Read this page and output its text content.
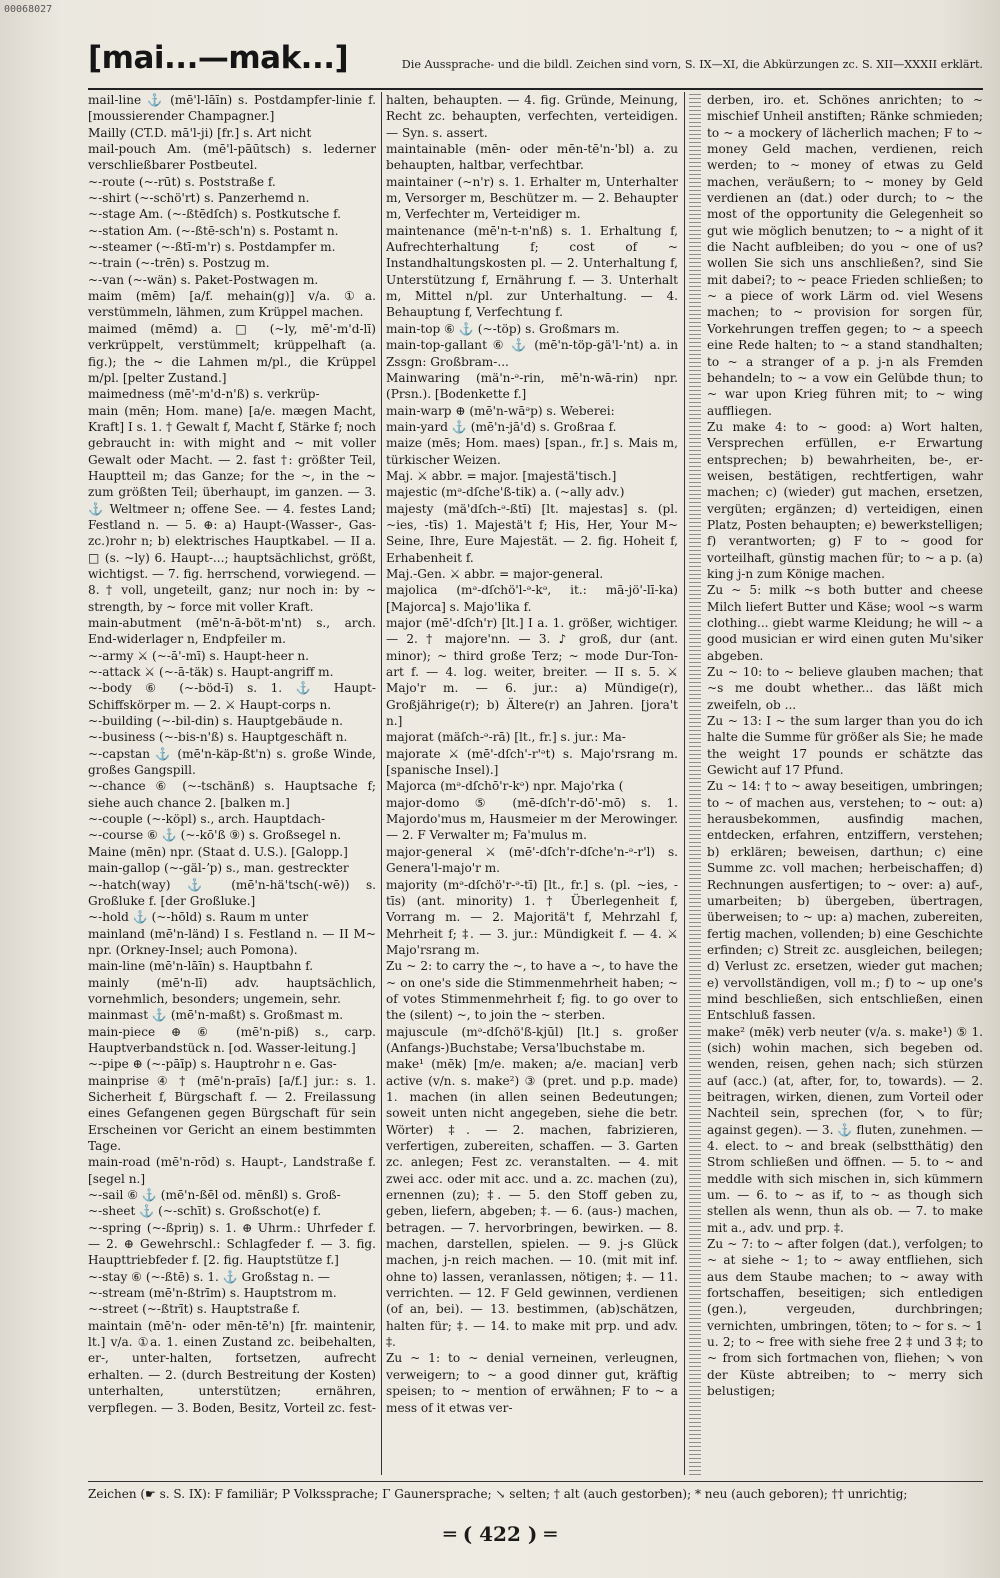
00068027
[mai...—mak...]	Die Aussprache- und die bildl. Zeichen sind vorn, S. IX—XI, die Abkürzungen zc. S. XII—XXXII erklärt.

mail-line ⚓ (mē'l-lāīn) s. Postdampfer-linie f. [moussierender Champagner.]

Mailly (CT.D. mā'l-ji) [fr.] s. Art nicht

mail-pouch Am. (mē'l-pāūtsch) s. lederner verschließbarer Postbeutel.

~-route (~-rūt) s. Poststraße f.

~-shirt (~-schö'rt) s. Panzerhemd n.

~-stage Am. (~-ßtēdſch) s. Postkutsche f.

~-station Am. (~-ßtē-sch'n) s. Postamt n.

~-steamer (~-ßtī-m'r) s. Postdampfer m.

~-train (~-trēn) s. Postzug m.

~-van (~-wän) s. Paket-Postwagen m.

maim (mēm) [a/f. mehain(g)] v/a. ①a. verstümmeln, lähmen, zum Krüppel machen.

maimed (mēmd) a. □ (~ly, mē'-m'd-lī) verkrüppelt, verstümmelt; krüppelhaft (a. fig.); the ~ die Lahmen m/pl., die Krüppel m/pl. [pelter Zustand.]

maimedness (mē'-m'd-n'ß) s. verkrüp-

main (mēn; Hom. mane) [a/e. mægen Macht, Kraft] I s. 1. † Gewalt f, Macht f, Stärke f; noch gebraucht in: with might and ~ mit voller Gewalt oder Macht. — 2. fast †: größter Teil, Hauptteil m; das Ganze; for the ~, in the ~ zum größten Teil; überhaupt, im ganzen. — 3. ⚓ Weltmeer n; offene See. — 4. festes Land; Festland n. — 5. ⊕: a) Haupt-(Wasser-, Gas- zc.)rohr n; b) elektrisches Hauptkabel. — II a. □ (s. ~ly) 6. Haupt-...; hauptsächlichst, größt, wichtigst. — 7. fig. herrschend, vorwiegend. — 8. † voll, ungeteilt, ganz; nur noch in: by ~ strength, by ~ force mit voller Kraft.

main-abutment (mē'n-ā-böt-m'nt) s., arch. End-widerlager n, Endpfeiler m.

~-army ⚔ (~-ā'-mī) s. Haupt-heer n.

~-attack ⚔ (~-ā-täk) s. Haupt-angriff m.

~-body ⑥ (~-böd-ī) s. 1. ⚓ Haupt-Schiffskörper m. — 2. ⚔ Haupt-corps n.

~-building (~-bil-din) s. Hauptgebäude n.

~-business (~-bis-n'ß) s. Hauptgeschäft n.

~-capstan ⚓ (mē'n-käp-ßt'n) s. große Winde, großes Gangspill.

~-chance ⑥ (~-tschänß) s. Hauptsache f; siehe auch chance 2. [balken m.]

~-couple (~-köpl) s., arch. Hauptdach-

~-course ⑥ ⚓ (~-kō'ß ⑨) s. Großsegel n.

Maine (mēn) npr. (Staat d. U.S.). [Galopp.]

main-gallop (~-gäl-ʼp) s., man. gestreckter

~-hatch(way) ⚓ (mē'n-hä'tsch(-wē)) s. Großluke f. [der Großluke.]

~-hold ⚓ (~-hōld) s. Raum m unter

mainland (mē'n-länd) I s. Festland n. — II M~ npr. (Orkney-Insel; auch Pomona).

main-line (mē'n-lāīn) s. Hauptbahn f.

mainly (mē'n-lī) adv. hauptsächlich, vornehmlich, besonders; ungemein, sehr.

mainmast ⚓ (mē'n-maßt) s. Großmast m.

main-piece ⊕ ⑥ (mē'n-piß) s., carp. Hauptverbandstück n. [od. Wasser-leitung.]

~-pipe ⊕ (~-pāīp) s. Hauptrohr n e. Gas-

mainprise ④ † (mē'n-praīs) [a/f.] jur.: s. 1. Sicherheit f, Bürgschaft f. — 2. Freilassung eines Gefangenen gegen Bürgschaft für sein Erscheinen vor Gericht an einem bestimmten Tage.

main-road (mē'n-rōd) s. Haupt-, Landstraße f. [segel n.]

~-sail ⑥ ⚓ (mē'n-ßēl od. mēnßl) s. Groß-

~-sheet ⚓ (~-schīt) s. Großschot(e) f.

~-spring (~-ßpriŋ) s. 1. ⊕ Uhrm.: Uhrfeder f. — 2. ⊕ Gewehrschl.: Schlagfeder f. — 3. fig. Haupttriebfeder f. [2. fig. Hauptstütze f.]

~-stay ⑥ (~-ßtē) s. 1. ⚓ Großstag n. —

~-stream (mē'n-ßtrīm) s. Hauptstrom m.

~-street (~-ßtrīt) s. Hauptstraße f.

maintain (mē'n- oder mēn-tē'n) [fr. maintenir, lt.] v/a. ①a. 1. einen Zustand zc. beibehalten, er-, unter-halten, fortsetzen, aufrecht erhalten. — 2. (durch Bestreitung der Kosten) unterhalten, unterstützen; ernähren, verpflegen. — 3. Boden, Besitz, Vorteil zc. fest-

halten, behaupten. — 4. fig. Gründe, Meinung, Recht zc. behaupten, verfechten, verteidigen. — Syn. s. assert.

maintainable (mēn- oder mēn-tē'n-'bl) a. zu behaupten, haltbar, verfechtbar.

maintainer (~n'r) s. 1. Erhalter m, Unterhalter m, Versorger m, Beschützer m. — 2. Behaupter m, Verfechter m, Verteidiger m.

maintenance (mē'n-t-n'nß) s. 1. Erhaltung f, Aufrechterhaltung f; cost of ~ Instandhaltungskosten pl. — 2. Unterhaltung f, Unterstützung f, Ernährung f. — 3. Unterhalt m, Mittel n/pl. zur Unterhaltung. — 4. Behauptung f, Verfechtung f.

main-top ⑥ ⚓ (~-töp) s. Großmars m.

main-top-gallant ⑥ ⚓ (mē'n-töp-gä'l-'nt) a. in Zssgn: Großbram-...

Mainwaring (mä'n-ᵊ-rin, mē'n-wā-rin) npr. (Prsn.). [Bodenkette f.]

main-warp ⊕ (mē'n-wāᵊp) s. Weberei:

main-yard ⚓ (mē'n-jā'd) s. Großraa f.

maize (mēs; Hom. maes) [span., fr.] s. Mais m, türkischer Weizen.

Maj. ⚔ abbr. = major. [majestä'tisch.]

majestic (mᵊ-dſche'ß-tik) a. (~ally adv.)

majesty (mä'dſch-ᵊ-ßtī) [lt. majestas] s. (pl. ~ies, -tīs) 1. Majestä't f; His, Her, Your M~ Seine, Ihre, Eure Majestät. — 2. fig. Hoheit f, Erhabenheit f.

Maj.-Gen. ⚔ abbr. = major-general.

majolica (mᵊ-dſchö'l-ᵊ-kᵊ, it.: mā-jö'-lī-ka) [Majorca] s. Majo'lika f.

major (mē'-dſch'r) [lt.] I a. 1. größer, wichtiger. — 2. † majore'nn. — 3. ♪ groß, dur (ant. minor); ~ third große Terz; ~ mode Dur-Ton-art f. — 4. log. weiter, breiter. — II s. 5. ⚔ Majo'r m. — 6. jur.: a) Mündige(r), Großjährige(r); b) Ältere(r) an Jahren. [jora't n.]

majorat (mäſch-ᵊ-rā) [lt., fr.] s. jur.: Ma-

majorate ⚔ (mē'-dſch'-r'ᵊt) s. Majo'rsrang m. [spanische Insel).]

Majorca (mᵊ-dſchō'r-kᵊ) npr. Majo'rka (

major-domo ⑤ (mē-dſch'r-dō'-mō) s. 1. Majordo'mus m, Hausmeier m der Merowinger. — 2. F Verwalter m; Fa'mulus m.

major-general ⚔ (mē'-dſch'r-dſche'n-ᵊ-r'l) s. Genera'l-majo'r m.

majority (mᵊ-dſchö'r-ᵊ-tī) [lt., fr.] s. (pl. ~ies, -tīs) (ant. minority) 1. † Überlegenheit f, Vorrang m. — 2. Majoritä't f, Mehrzahl f, Mehrheit f; ‡. — 3. jur.: Mündigkeit f. — 4. ⚔ Majo'rsrang m.

Zu ~ 2: to carry the ~, to have a ~, to have the ~ on one's side die Stimmenmehrheit haben; ~ of votes Stimmenmehrheit f; fig. to go over to the (silent) ~, to join the ~ sterben.

majuscule (mᵊ-dſchö'ß-kjūl) [lt.] s. großer (Anfangs-)Buchstabe; Versa'lbuchstabe m.

make¹ (mēk) [m/e. maken; a/e. macian] verb active (v/n. s. make²) ③ (pret. und p.p. made) 1. machen (in allen seinen Bedeutungen; soweit unten nicht angegeben, siehe die betr. Wörter) ‡. — 2. machen, fabrizieren, verfertigen, zubereiten, schaffen. — 3. Garten zc. anlegen; Fest zc. veranstalten. — 4. mit zwei acc. oder mit acc. und a. zc. machen (zu), ernennen (zu); ‡. — 5. den Stoff geben zu, geben, liefern, abgeben; ‡. — 6. (aus-) machen, betragen. — 7. hervorbringen, bewirken. — 8. machen, darstellen, spielen. — 9. j-s Glück machen, j-n reich machen. — 10. (mit mit inf. ohne to) lassen, veranlassen, nötigen; ‡. — 11. verrichten. — 12. F Geld gewinnen, verdienen (of an, bei). — 13. bestimmen, (ab)schätzen, halten für; ‡. — 14. to make mit prp. und adv. ‡.

Zu ~ 1: to ~ denial verneinen, verleugnen, verweigern; to ~ a good dinner gut, kräftig speisen; to ~ mention of erwähnen; F to ~ a mess of it etwas ver-

derben, iro. et. Schönes anrichten; to ~ mischief Unheil anstiften; Ränke schmieden; to ~ a mockery of lächerlich machen; F to ~ money Geld machen, verdienen, reich werden; to ~ money of etwas zu Geld machen, veräußern; to ~ money by Geld verdienen an (dat.) oder durch; to ~ the most of the opportunity die Gelegenheit so gut wie möglich benutzen; to ~ a night of it die Nacht aufbleiben; do you ~ one of us? wollen Sie sich uns anschließen?, sind Sie mit dabei?; to ~ peace Frieden schließen; to ~ a piece of work Lärm od. viel Wesens machen; to ~ provision for sorgen für, Vorkehrungen treffen gegen; to ~ a speech eine Rede halten; to ~ a stand standhalten; to ~ a stranger of a p. j-n als Fremden behandeln; to ~ a vow ein Gelübde thun; to ~ war upon Krieg führen mit; to ~ wing auffliegen.

Zu make 4: to ~ good: a) Wort halten, Versprechen erfüllen, e-r Erwartung entsprechen; b) bewahrheiten, be-, er-weisen, bestätigen, rechtfertigen, wahr machen; c) (wieder) gut machen, ersetzen, vergüten; ergänzen; d) verteidigen, einen Platz, Posten behaupten; e) bewerkstelligen; f) verantworten; g) F to ~ good for vorteilhaft, günstig machen für; to ~ a p. (a) king j-n zum Könige machen.

Zu ~ 5: milk ~s both butter and cheese Milch liefert Butter und Käse; wool ~s warm clothing... giebt warme Kleidung; he will ~ a good musician er wird einen guten Mu'siker abgeben.

Zu ~ 10: to ~ believe glauben machen; that ~s me doubt whether... das läßt mich zweifeln, ob ...

Zu ~ 13: I ~ the sum larger than you do ich halte die Summe für größer als Sie; he made the weight 17 pounds er schätzte das Gewicht auf 17 Pfund.

Zu ~ 14: † to ~ away beseitigen, umbringen; to ~ of machen aus, verstehen; to ~ out: a) herausbekommen, ausfindig machen, entdecken, erfahren, entziffern, verstehen; b) erklären; beweisen, darthun; c) eine Summe zc. voll machen; herbeischaffen; d) Rechnungen ausfertigen; to ~ over: a) auf-, umarbeiten; b) übergeben, übertragen, überweisen; to ~ up: a) machen, zubereiten, fertig machen, vollenden; b) eine Geschichte erfinden; c) Streit zc. ausgleichen, beilegen; d) Verlust zc. ersetzen, wieder gut machen; e) vervollständigen, voll m.; f) to ~ up one's mind beschließen, sich entschließen, einen Entschluß fassen.

make² (mēk) verb neuter (v/a. s. make¹) ⑤ 1. (sich) wohin machen, sich begeben od. wenden, reisen, gehen nach; sich stürzen auf (acc.) (at, after, for, to, towards). — 2. beitragen, wirken, dienen, zum Vorteil oder Nachteil sein, sprechen (for, ↘ to für; against gegen). — 3. ⚓ fluten, zunehmen. — 4. elect. to ~ and break (selbstthätig) den Strom schließen und öffnen. — 5. to ~ and meddle with sich mischen in, sich kümmern um. — 6. to ~ as if, to ~ as though sich stellen als wenn, thun als ob. — 7. to make mit a., adv. und prp. ‡.

Zu ~ 7: to ~ after folgen (dat.), verfolgen; to ~ at siehe ~ 1; to ~ away entfliehen, sich aus dem Staube machen; to ~ away with fortschaffen, beseitigen; sich entledigen (gen.), vergeuden, durchbringen; vernichten, umbringen, töten; to ~ for s. ~ 1 u. 2; to ~ free with siehe free 2 ‡ und 3 ‡; to ~ from sich fortmachen von, fliehen; ↘ von der Küste abtreiben; to ~ merry sich belustigen;

Zeichen (☛ s. S. IX): F familiär; P Volkssprache; Γ Gaunersprache; ↘ selten; † alt (auch gestorben); * neu (auch geboren); †† unrichtig;
═ ( 422 ) ═
